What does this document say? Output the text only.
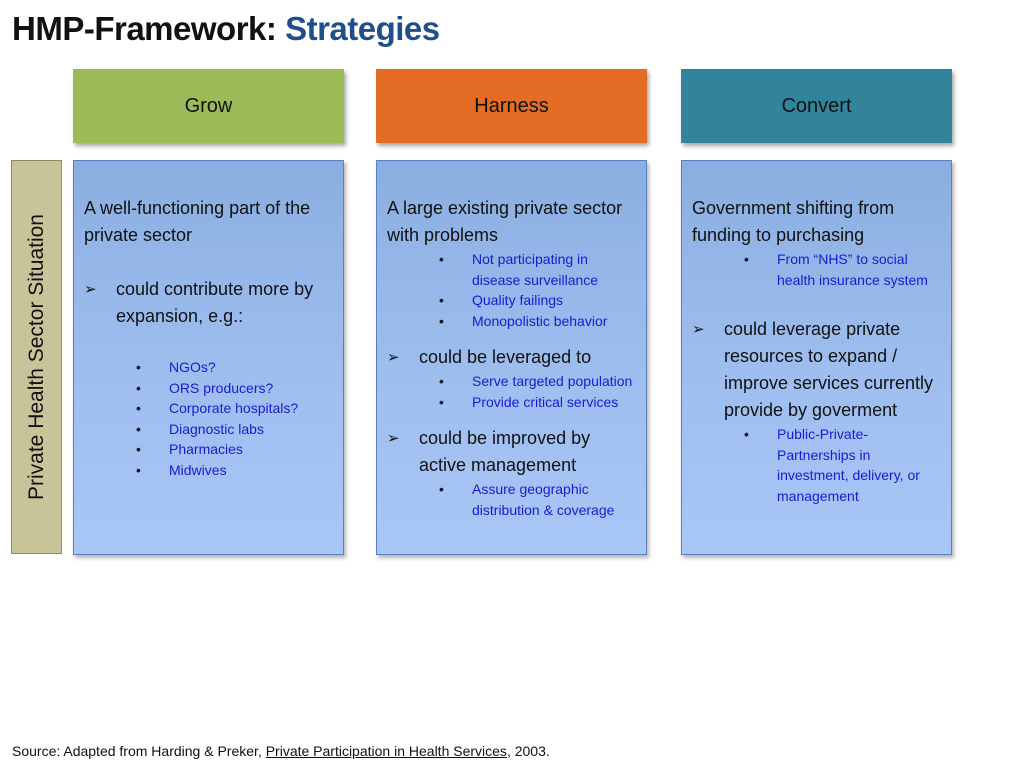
HMP-Framework: Strategies
Grow	Harness	Convert
Private Health Sector Situation

A well-functioning part of the private sector

➢	could contribute more by expansion, e.g.:
• NGOs?
• ORS producers?
• Corporate hospitals?
• Diagnostic labs
• Pharmacies
• Midwives

A large existing private sector with problems

• Not participating in disease surveillance
• Quality failings
• Monopolistic behavior
➢	could be leveraged to
• Serve targeted population
• Provide critical services
➢	could be improved by active management
• Assure geographic distribution & coverage

Government shifting from funding to purchasing

• From “NHS” to social health insurance system
➢	could leverage private resources to expand / improve services currently provide by goverment
• Public-Private-Partnerships in investment, delivery, or management

Source: Adapted from Harding & Preker, Private Participation in Health Services, 2003.
